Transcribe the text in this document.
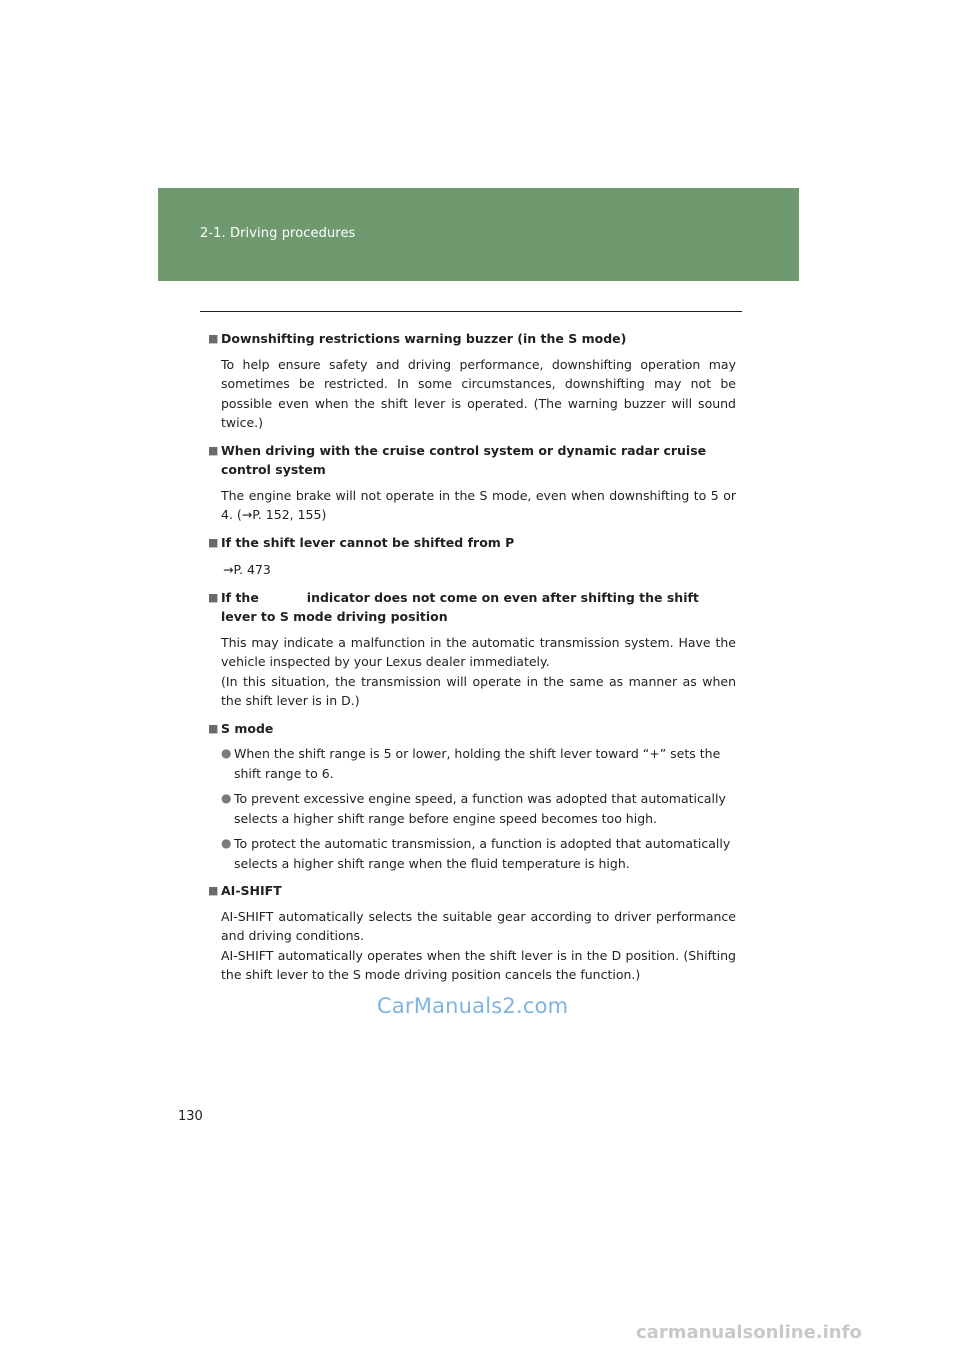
2-1. Driving procedures
■ Downshifting restrictions warning buzzer (in the S mode)
To help ensure safety and driving performance, downshifting operation may sometimes be restricted. In some circumstances, downshifting may not be possible even when the shift lever is operated. (The warning buzzer will sound twice.)
■ When driving with the cruise control system or dynamic radar cruise control system
The engine brake will not operate in the S mode, even when downshifting to 5 or 4. (→P. 152, 155)
■ If the shift lever cannot be shifted from P
→P. 473
■ If the	indicator does not come on even after shifting the shift lever to S mode driving position
This may indicate a malfunction in the automatic transmission system. Have the vehicle inspected by your Lexus dealer immediately.
(In this situation, the transmission will operate in the same as manner as when the shift lever is in D.)
■ S mode
● When the shift range is 5 or lower, holding the shift lever toward “+” sets the shift range to 6.
● To prevent excessive engine speed, a function was adopted that automatically selects a higher shift range before engine speed becomes too high.
● To protect the automatic transmission, a function is adopted that automatically selects a higher shift range when the fluid temperature is high.
■ AI-SHIFT
AI-SHIFT automatically selects the suitable gear according to driver performance and driving conditions.
AI-SHIFT automatically operates when the shift lever is in the D position. (Shifting the shift lever to the S mode driving position cancels the function.)
CarManuals2.com
130
carmanualsonline.info
